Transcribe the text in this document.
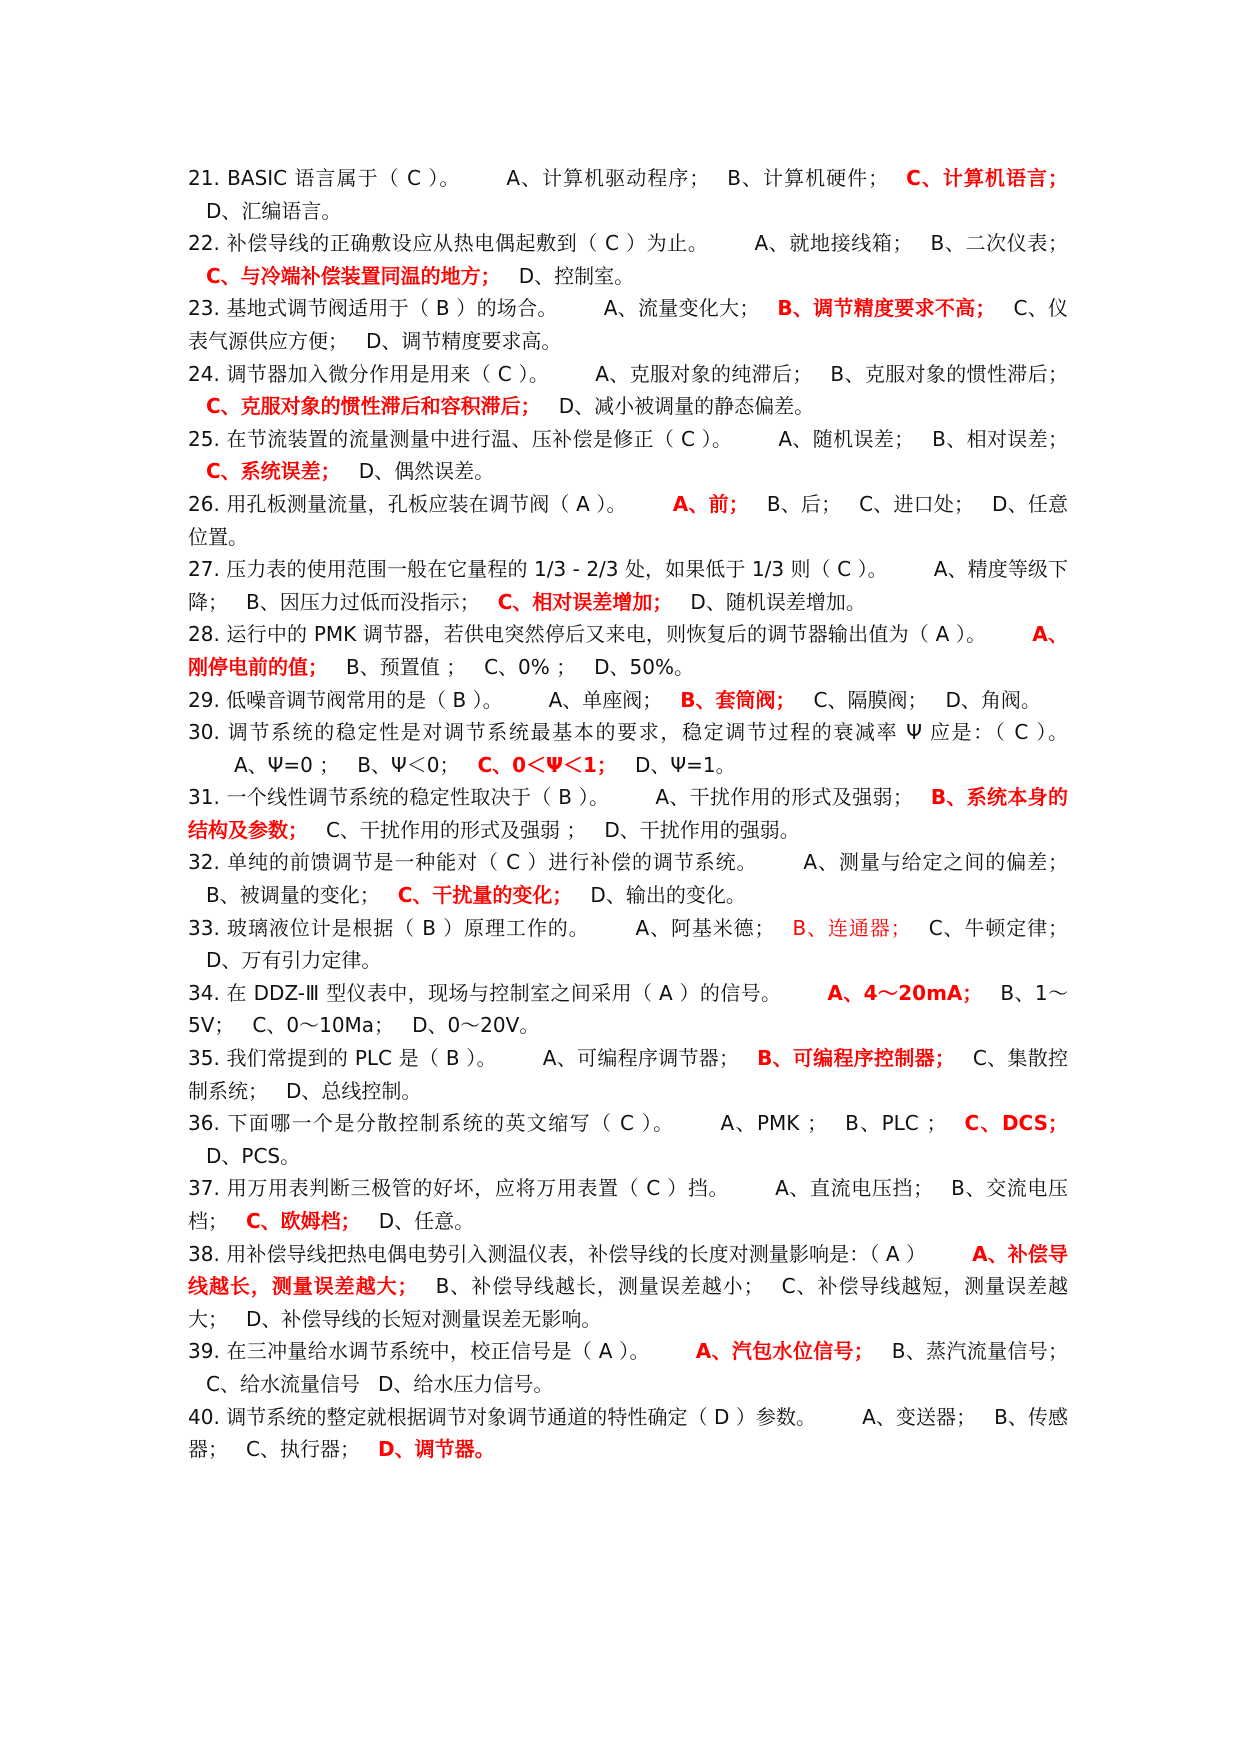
21. BASIC 语言属于（ C ）。 A、计算机驱动程序； B、计算机硬件； C、计算机语言；D、汇编语言。

22. 补偿导线的正确敷设应从热电偶起敷到（ C ）为止。 A、就地接线箱； B、二次仪表；C、与冷端补偿装置同温的地方； D、控制室。

23. 基地式调节阀适用于（ B ）的场合。 A、流量变化大； B、调节精度要求不高； C、仪表气源供应方便； D、调节精度要求高。

24. 调节器加入微分作用是用来（ C ）。 A、克服对象的纯滞后； B、克服对象的惯性滞后；C、克服对象的惯性滞后和容积滞后； D、减小被调量的静态偏差。

25. 在节流装置的流量测量中进行温、压补偿是修正（ C ）。 A、随机误差； B、相对误差；C、系统误差； D、偶然误差。

26. 用孔板测量流量，孔板应装在调节阀（ A ）。 A、前； B、后； C、进口处； D、任意位置。

27. 压力表的使用范围一般在它量程的 1/3 - 2/3 处，如果低于 1/3 则（ C ）。 A、精度等级下降； B、因压力过低而没指示； C、相对误差增加； D、随机误差增加。

28. 运行中的 PMK 调节器，若供电突然停后又来电，则恢复后的调节器输出值为（ A ）。 A、刚停电前的值； B、预置值 ； C、0% ； D、50%。

29. 低噪音调节阀常用的是（ B ）。 A、单座阀； B、套筒阀； C、隔膜阀； D、角阀。

30. 调节系统的稳定性是对调节系统最基本的要求，稳定调节过程的衰减率 Ψ 应是：（ C ）。A、Ψ=0 ； B、Ψ＜0； C、0＜Ψ＜1； D、Ψ=1。

31. 一个线性调节系统的稳定性取决于（ B ）。 A、干扰作用的形式及强弱； B、系统本身的结构及参数； C、干扰作用的形式及强弱 ； D、干扰作用的强弱。

32. 单纯的前馈调节是一种能对（ C ）进行补偿的调节系统。 A、测量与给定之间的偏差；B、被调量的变化； C、干扰量的变化； D、输出的变化。

33. 玻璃液位计是根据（ B ）原理工作的。 A、阿基米德； B、连通器； C、牛顿定律；D、万有引力定律。

34. 在 DDZ-Ⅲ 型仪表中，现场与控制室之间采用（ A ）的信号。 A、4～20mA； B、1～5V； C、0～10Ma； D、0～20V。

35. 我们常提到的 PLC 是（ B ）。 A、可编程序调节器； B、可编程序控制器； C、集散控制系统； D、总线控制。

36. 下面哪一个是分散控制系统的英文缩写（ C ）。 A、PMK ； B、PLC ； C、DCS；D、PCS。

37. 用万用表判断三极管的好坏，应将万用表置（ C ）挡。 A、直流电压挡； B、交流电压档； C、欧姆档； D、任意。

38. 用补偿导线把热电偶电势引入测温仪表，补偿导线的长度对测量影响是：（ A ） A、补偿导线越长，测量误差越大； B、补偿导线越长，测量误差越小； C、补偿导线越短，测量误差越大； D、补偿导线的长短对测量误差无影响。

39. 在三冲量给水调节系统中，校正信号是（ A ）。 A、汽包水位信号； B、蒸汽流量信号；C、给水流量信号 D、给水压力信号。

40. 调节系统的整定就根据调节对象调节通道的特性确定（ D ）参数。 A、变送器； B、传感器； C、执行器； D、调节器。
